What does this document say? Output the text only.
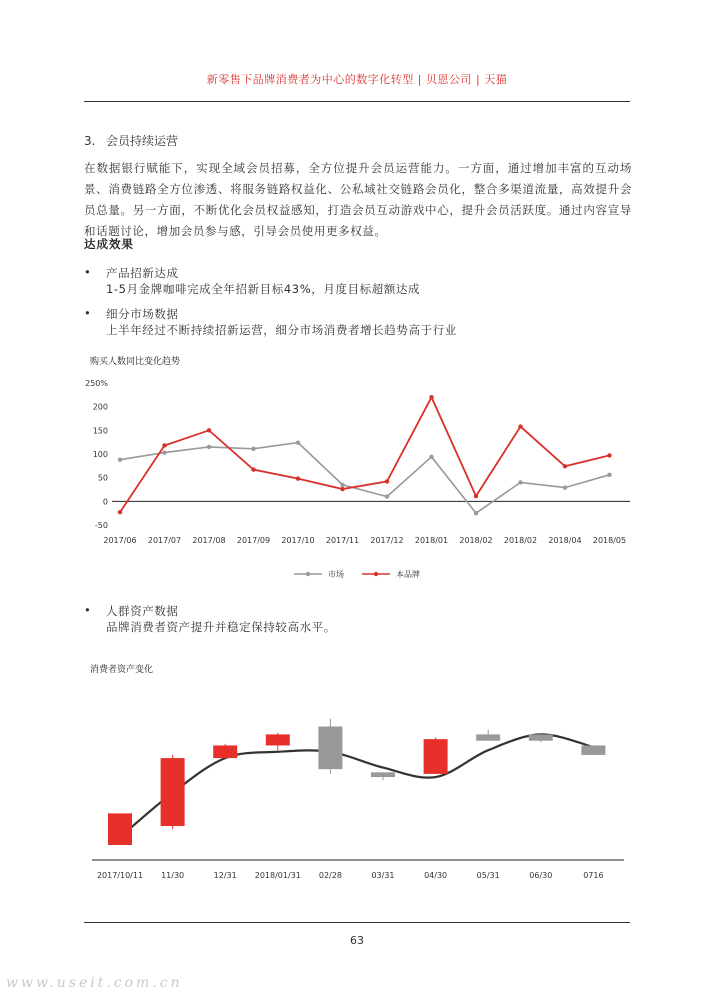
新零售下品牌消费者为中心的数字化转型 | 贝恩公司 | 天猫
3. 会员持续运营
在数据银行赋能下，实现全域会员招募，全方位提升会员运营能力。一方面，通过增加丰富的互动场景、消费链路全方位渗透、将服务链路权益化、公私域社交链路会员化，整合多渠道流量，高效提升会员总量。另一方面，不断优化会员权益感知，打造会员互动游戏中心，提升会员活跃度。通过内容宣导和话题讨论，增加会员参与感，引导会员使用更多权益。
达成效果
• 产品招新达成
1-5月金牌咖啡完成全年招新目标43%，月度目标超额达成
• 细分市场数据
上半年经过不断持续招新运营，细分市场消费者增长趋势高于行业
购买人数同比变化趋势
250%
200
150
100
50
0
-50
2017/06 2017/07 2017/08 2017/09 2017/10 2017/11 2017/12 2018/01 2018/02 2018/02 2018/04 2018/05
市场	本品牌
• 人群资产数据
品牌消费者资产提升并稳定保持较高水平。
消费者资产变化
2017/10/11 11/30	12/31 2018/01/31 02/28	03/31	04/30	05/31	06/30	0716
63
www.useit.com.cn
